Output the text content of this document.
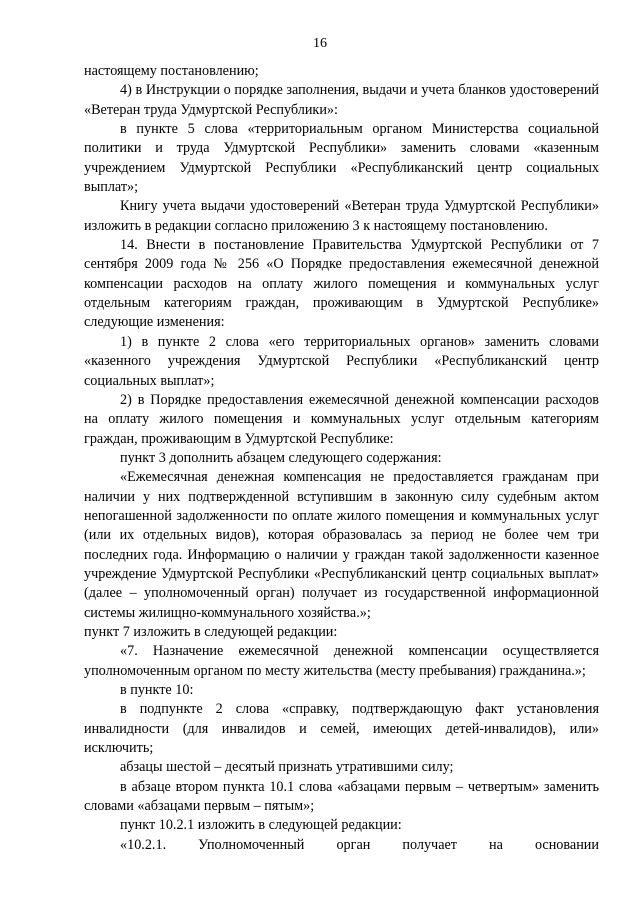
16

настоящему постановлению;

4) в Инструкции о порядке заполнения, выдачи и учета бланков удостоверений «Ветеран труда Удмуртской Республики»:

в пункте 5 слова «территориальным органом Министерства социальной политики и труда Удмуртской Республики» заменить словами «казенным учреждением Удмуртской Республики «Республиканский центр социальных выплат»;

Книгу учета выдачи удостоверений «Ветеран труда Удмуртской Республики» изложить в редакции согласно приложению 3 к настоящему постановлению.

14. Внести в постановление Правительства Удмуртской Республики от 7 сентября 2009 года № 256 «О Порядке предоставления ежемесячной денежной компенсации расходов на оплату жилого помещения и коммунальных услуг отдельным категориям граждан, проживающим в Удмуртской Республике» следующие изменения:

1) в пункте 2 слова «его территориальных органов» заменить словами «казенного учреждения Удмуртской Республики «Республиканский центр социальных выплат»;

2) в Порядке предоставления ежемесячной денежной компенсации расходов на оплату жилого помещения и коммунальных услуг отдельным категориям граждан, проживающим в Удмуртской Республике:

пункт 3 дополнить абзацем следующего содержания:

«Ежемесячная денежная компенсация не предоставляется гражданам при наличии у них подтвержденной вступившим в законную силу судебным актом непогашенной задолженности по оплате жилого помещения и коммунальных услуг (или их отдельных видов), которая образовалась за период не более чем три последних года. Информацию о наличии у граждан такой задолженности казенное учреждение Удмуртской Республики «Республиканский центр социальных выплат» (далее – уполномоченный орган) получает из государственной информационной системы жилищно-коммунального хозяйства.»;

пункт 7 изложить в следующей редакции:

«7. Назначение ежемесячной денежной компенсации осуществляется уполномоченным органом по месту жительства (месту пребывания) гражданина.»;

в пункте 10:

в подпункте 2 слова «справку, подтверждающую факт установления инвалидности (для инвалидов и семей, имеющих детей-инвалидов), или» исключить;

абзацы шестой – десятый признать утратившими силу;

в абзаце втором пункта 10.1 слова «абзацами первым – четвертым» заменить словами «абзацами первым – пятым»;

пункт 10.2.1 изложить в следующей редакции:

«10.2.1. Уполномоченный орган получает на основании
